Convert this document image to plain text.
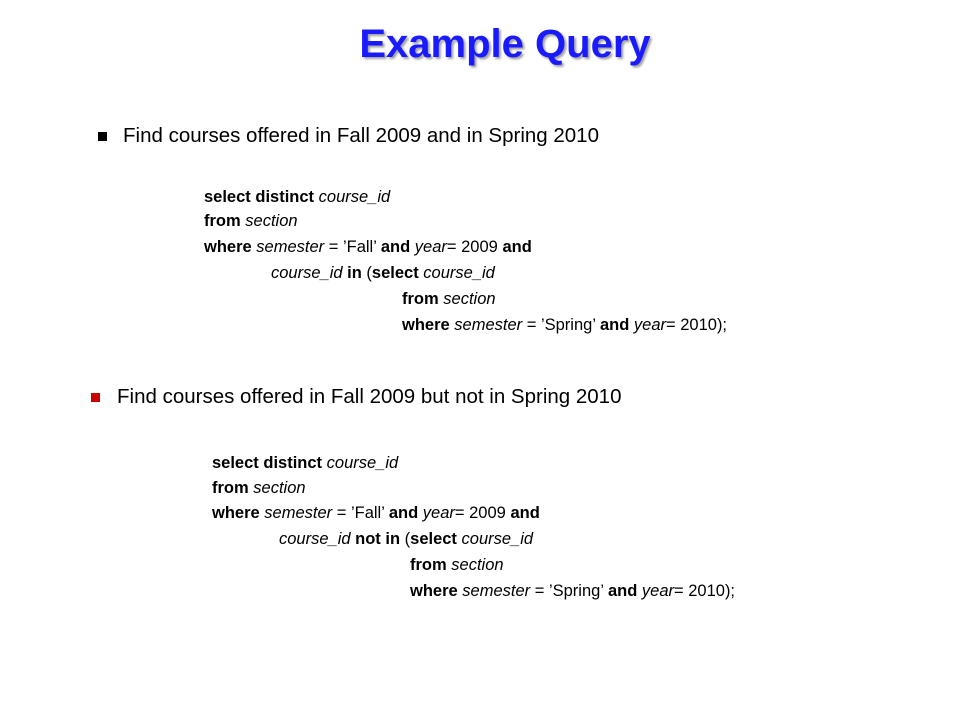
Example Query
Find courses offered in Fall 2009 and in Spring 2010
select distinct course_id
from section
where semester = ’Fall’ and year= 2009 and
course_id in (select course_id
from section
where semester = ’Spring’ and year= 2010);
Find courses offered in Fall 2009 but not in Spring 2010
select distinct course_id
from section
where semester = ’Fall’ and year= 2009 and
course_id not in (select course_id
from section
where semester = ’Spring’ and year= 2010);
